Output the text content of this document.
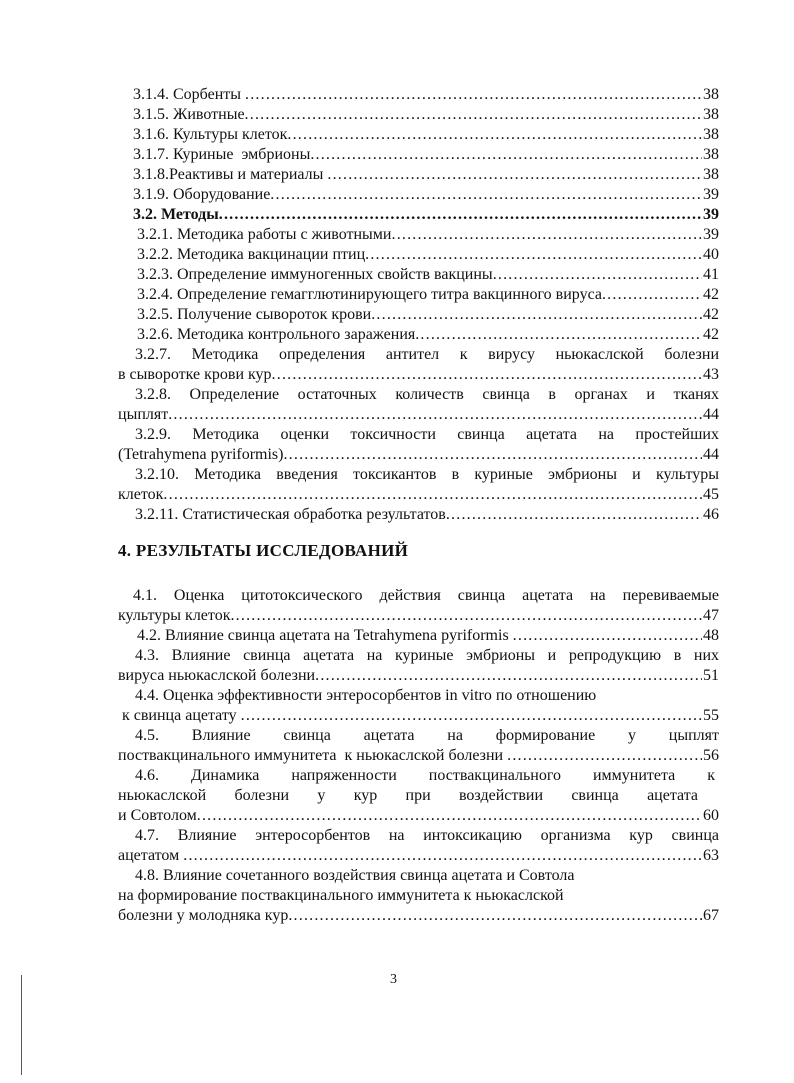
3.1.4. Сорбенты .....	38
3.1.5. Животные .....	38
3.1.6. Культуры клеток .....	38
3.1.7. Куриные  эмбрионы .....	38
3.1.8.Реактивы и материалы .....	38
3.1.9. Оборудование .....	39
3.2. Методы .....	39
3.2.1. Методика работы с животными .....	39
3.2.2. Методика вакцинации птиц .....	40
3.2.3. Определение иммуногенных свойств вакцины .....	41
3.2.4. Определение гемагглютинирующего титра вакцинного вируса .....	42
3.2.5. Получение сывороток крови .....	42
3.2.6. Методика контрольного заражения .....	42
3.2.7. Методика определения антител к вирусу ньюкаслской болезни
в сыворотке крови кур .....	43
3.2.8. Определение остаточных количеств свинца в органах и тканях
цыплят .....	44
3.2.9. Методика оценки токсичности свинца ацетата на простейших
(Tetrahymena pyriformis) .....	44
3.2.10. Методика введения токсикантов в куриные эмбрионы и культуры
клеток .....	45
3.2.11. Статистическая обработка результатов .....	46
4. РЕЗУЛЬТАТЫ ИССЛЕДОВАНИЙ
4.1. Оценка цитотоксического действия свинца ацетата на перевиваемые
культуры клеток .....	47
4.2. Влияние свинца ацетата на Tetrahymena pyriformis .....	48
4.3. Влияние свинца ацетата на куриные эмбрионы и репродукцию в них
вируса ньюкаслской болезни .....	51
4.4. Оценка эффективности энтеросорбентов in vitro по отношению
к свинца ацетату .....	55
4.5. Влияние свинца ацетата на формирование у цыплят
поствакцинального иммунитета  к ньюкаслской болезни .....	56
4.6. Динамика напряженности поствакцинального иммунитета к
ньюкаслской болезни у кур при воздействии свинца ацетата
и Совтолом .....	60
4.7. Влияние энтеросорбентов на интоксикацию организма кур свинца
ацетатом .....	63
4.8. Влияние сочетанного воздействия свинца ацетата и Совтола
на формирование поствакцинального иммунитета к ньюкаслской
болезни у молодняка кур .....	67
3
